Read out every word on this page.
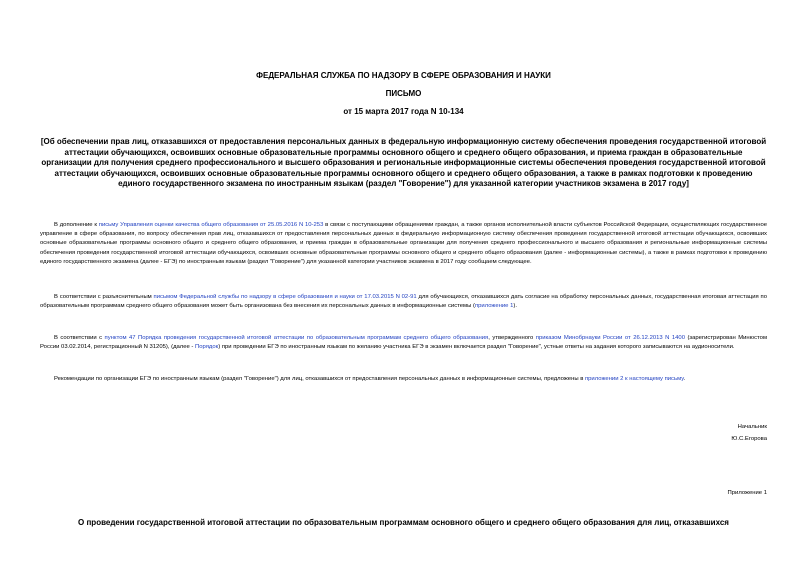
ФЕДЕРАЛЬНАЯ СЛУЖБА ПО НАДЗОРУ В СФЕРЕ ОБРАЗОВАНИЯ И НАУКИ
ПИСЬМО
от 15 марта 2017 года N 10-134
[Об обеспечении прав лиц, отказавшихся от предоставления персональных данных в федеральную информационную систему обеспечения проведения государственной итоговой аттестации обучающихся, освоивших основные образовательные программы основного общего и среднего общего образования, и приема граждан в образовательные организации для получения среднего профессионального и высшего образования и региональные информационные системы обеспечения проведения государственной итоговой аттестации обучающихся, освоивших основные образовательные программы основного общего и среднего общего образования, а также в рамках подготовки к проведению единого государственного экзамена по иностранным языкам (раздел "Говорение") для указанной категории участников экзамена в 2017 году]
В дополнение к письму Управления оценки качества общего образования от 25.05.2016 N 10-253 в связи с поступающими обращениями граждан, а также органов исполнительной власти субъектов Российской Федерации, осуществляющих государственное управление в сфере образования, по вопросу обеспечения прав лиц, отказавшихся от предоставления персональных данных в федеральную информационную систему обеспечения проведения государственной итоговой аттестации обучающихся, освоивших основные образовательные программы основного общего и среднего общего образования, и приема граждан в образовательные организации для получения среднего профессионального и высшего образования и региональные информационные системы обеспечения проведения государственной итоговой аттестации обучающихся, освоивших основные образовательные программы основного общего и среднего общего образования (далее - информационные системы), а также в рамках подготовки к проведению единого государственного экзамена (далее - ЕГЭ) по иностранным языкам (раздел "Говорение") для указанной категории участников экзамена в 2017 году сообщаем следующее.
В соответствии с разъяснительным письмом Федеральной службы по надзору в сфере образования и науки от 17.03.2015 N 02-91 для обучающихся, отказавшихся дать согласие на обработку персональных данных, государственная итоговая аттестация по образовательным программам среднего общего образования может быть организована без внесения их персональных данных в информационные системы (приложение 1).
В соответствии с пунктом 47 Порядка проведения государственной итоговой аттестации по образовательным программам среднего общего образования, утвержденного приказом Минобрнауки России от 26.12.2013 N 1400 (зарегистрирован Минюстом России 03.02.2014, регистрационный N 31205), (далее - Порядок) при проведении ЕГЭ по иностранным языкам по желанию участника ЕГЭ в экзамен включается раздел "Говорение", устные ответы на задания которого записываются на аудионосители.
Рекомендации по организации ЕГЭ по иностранным языкам (раздел "Говорение") для лиц, отказавшихся от предоставления персональных данных в информационные системы, предложены в приложении 2 к настоящему письму.
Начальник
Ю.С.Егорова
Приложение 1
О проведении государственной итоговой аттестации по образовательным программам основного общего и среднего общего образования для лиц, отказавшихся
